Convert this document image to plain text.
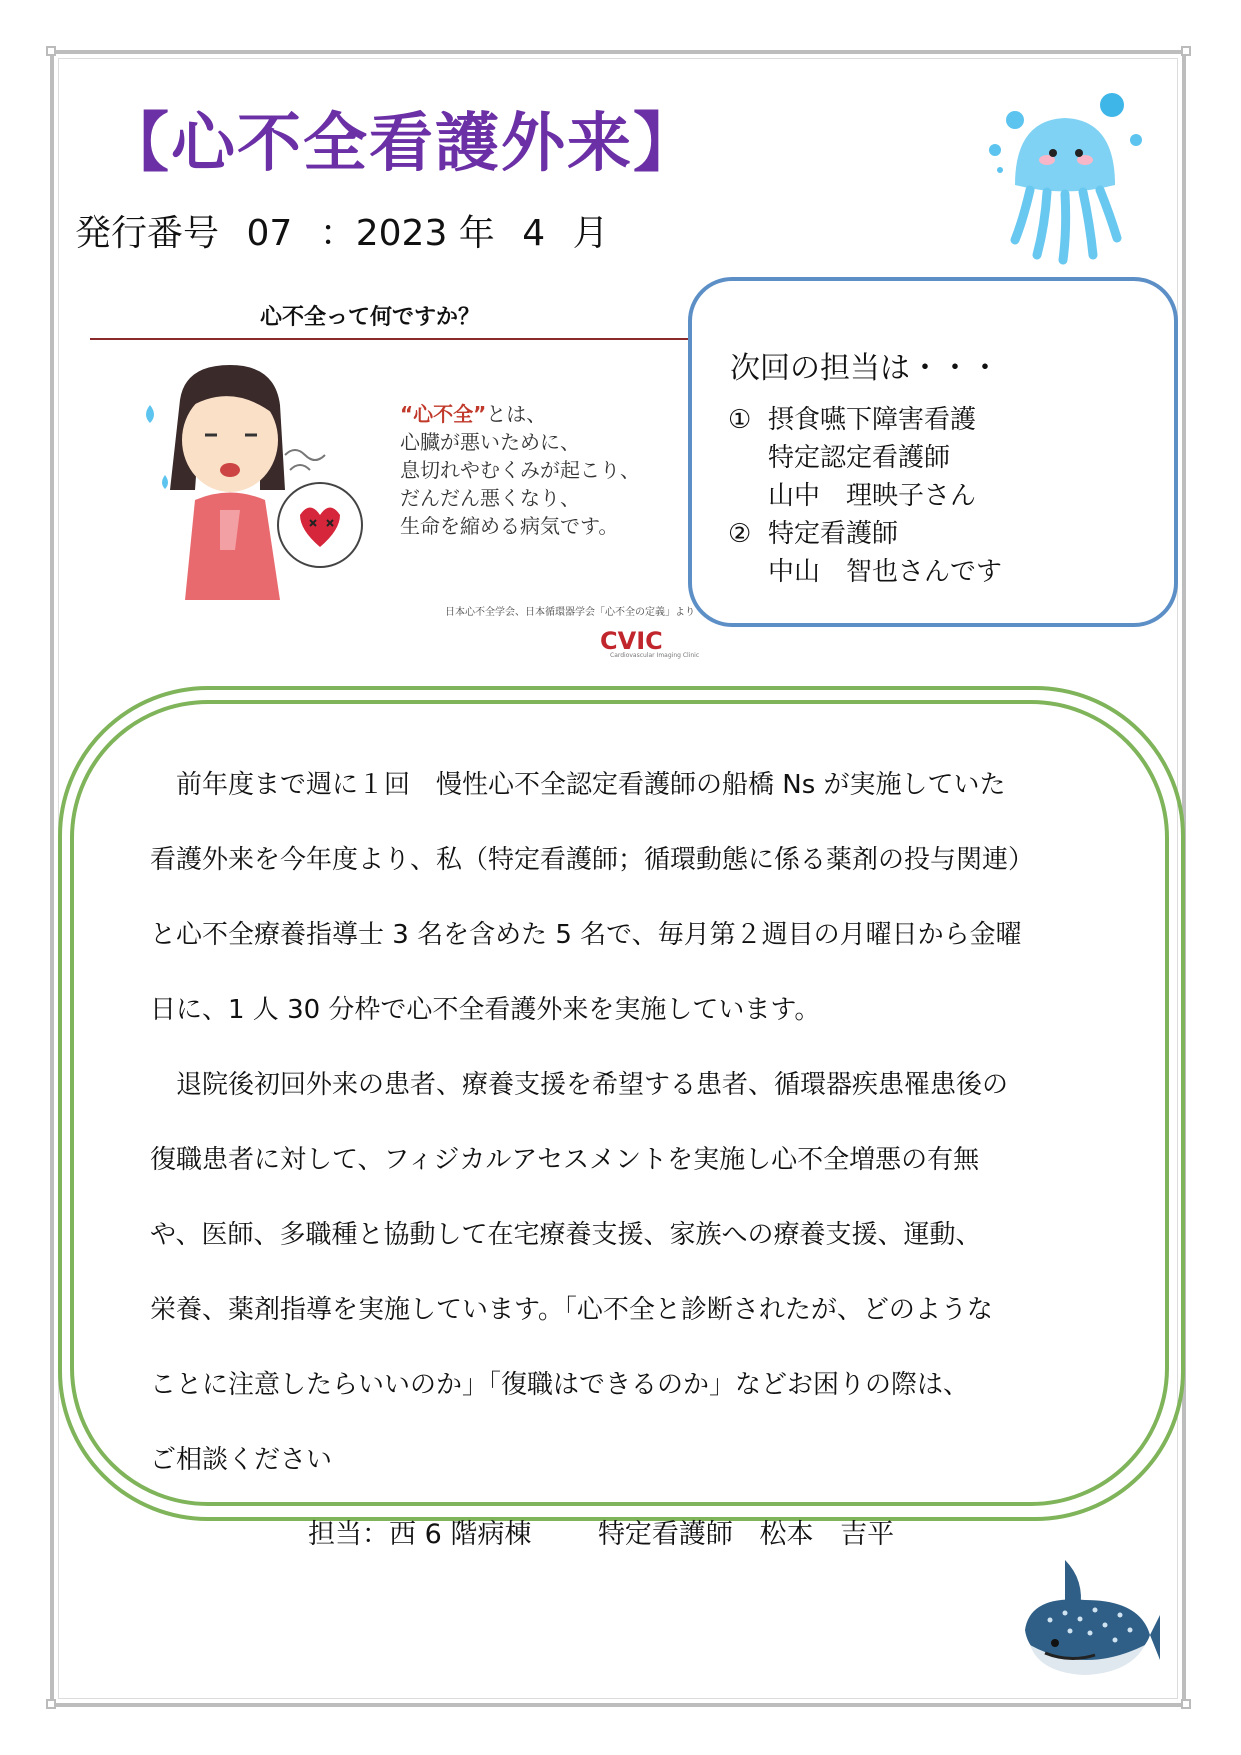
【心不全看護外来】
発行番号 07 ：2023 年 4 月
心不全って何ですか？
“心不全”とは、
心臓が悪いために、
息切れやむくみが起こり、
だんだん悪くなり、
生命を縮める病気です。
日本心不全学会、日本循環器学会「心不全の定義」より
CVIC
Cardiovascular Imaging Clinic
次回の担当は・・・
① 摂食嚥下障害看護
特定認定看護師
山中　理映子さん
② 特定看護師
中山　智也さんです
　前年度まで週に１回　慢性心不全認定看護師の船橋 Ns が実施していた
看護外来を今年度より、私（特定看護師；循環動態に係る薬剤の投与関連）
と心不全療養指導士 3 名を含めた 5 名で、毎月第２週目の月曜日から金曜
日に、1 人 30 分枠で心不全看護外来を実施しています。
　退院後初回外来の患者、療養支援を希望する患者、循環器疾患罹患後の
復職患者に対して、フィジカルアセスメントを実施し心不全増悪の有無
や、医師、多職種と協動して在宅療養支援、家族への療養支援、運動、
栄養、薬剤指導を実施しています。「心不全と診断されたが、どのような
ことに注意したらいいのか」「復職はできるのか」などお困りの際は、
ご相談ください
担当：西 6 階病棟 特定看護師 松本 吉平
